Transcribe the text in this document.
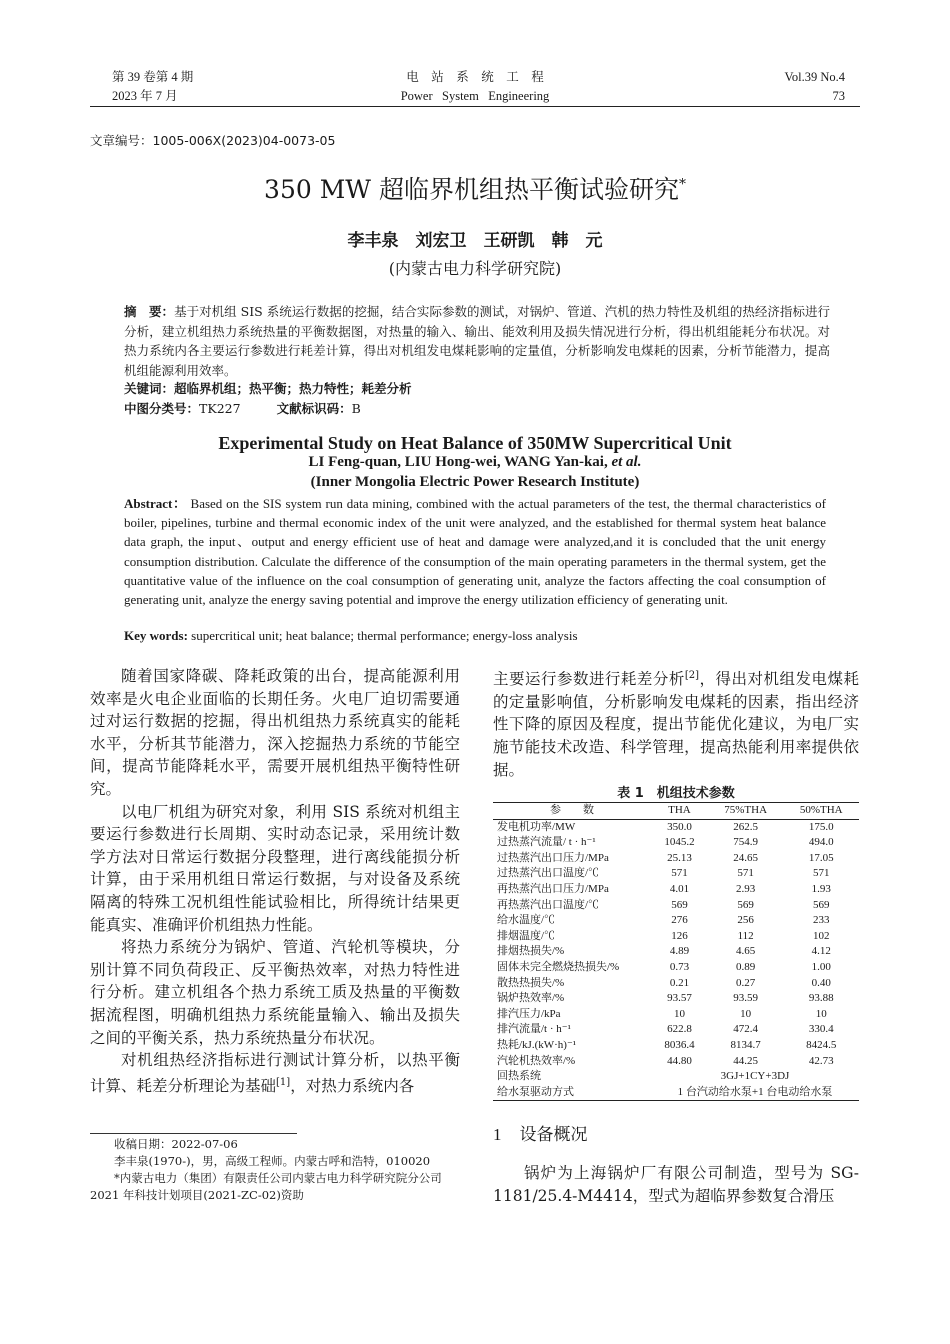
第 39 卷第 4 期
2023 年 7 月
电　站　系　统　工　程
Power   System   Engineering
Vol.39 No.4
73
文章编号：1005-006X(2023)04-0073-05
350 MW 超临界机组热平衡试验研究*
李丰泉　刘宏卫　王研凯　韩　元
(内蒙古电力科学研究院)
摘　要：基于对机组 SIS 系统运行数据的挖掘，结合实际参数的测试，对锅炉、管道、汽机的热力特性及机组的热经济指标进行分析，建立机组热力系统热量的平衡数据图，对热量的输入、输出、能效利用及损失情况进行分析，得出机组能耗分布状况。对热力系统内各主要运行参数进行耗差计算，得出对机组发电煤耗影响的定量值，分析影响发电煤耗的因素，分析节能潜力，提高机组能源利用效率。
关键词：超临界机组；热平衡；热力特性；耗差分析
中图分类号：TK227	文献标识码：B
Experimental Study on Heat Balance of 350MW Supercritical Unit
LI Feng-quan, LIU Hong-wei, WANG Yan-kai, et al.
(Inner Mongolia Electric Power Research Institute)
Abstract： Based on the SIS system run data mining, combined with the actual parameters of the test, the thermal characteristics of boiler, pipelines, turbine and thermal economic index of the unit were analyzed, and the established for thermal system heat balance data graph, the input、output and energy efficient use of heat and damage were analyzed,and it is concluded that the unit energy consumption distribution. Calculate the difference of the consumption of the main operating parameters in the thermal system, get the quantitative value of the influence on the coal consumption of generating unit, analyze the factors affecting the coal consumption of generating unit, analyze the energy saving potential and improve the energy utilization efficiency of generating unit.
Key words: supercritical unit; heat balance; thermal performance; energy-loss analysis

随着国家降碳、降耗政策的出台，提高能源利用效率是火电企业面临的长期任务。火电厂迫切需要通过对运行数据的挖掘，得出机组热力系统真实的能耗水平，分析其节能潜力，深入挖掘热力系统的节能空间，提高节能降耗水平，需要开展机组热平衡特性研究。

以电厂机组为研究对象，利用 SIS 系统对机组主要运行参数进行长周期、实时动态记录，采用统计数学方法对日常运行数据分段整理，进行离线能损分析计算，由于采用机组日常运行数据，与对设备及系统隔离的特殊工况机组性能试验相比，所得统计结果更能真实、准确评价机组热力性能。

将热力系统分为锅炉、管道、汽轮机等模块，分别计算不同负荷段正、反平衡热效率，对热力特性进行分析。建立机组各个热力系统工质及热量的平衡数据流程图，明确机组热力系统能量输入、输出及损失之间的平衡关系，热力系统热量分布状况。

对机组热经济指标进行测试计算分析，以热平衡计算、耗差分析理论为基础[1]，对热力系统内各

收稿日期：2022-07-06
李丰泉(1970-)，男，高级工程师。内蒙古呼和浩特，010020
*内蒙古电力（集团）有限责任公司内蒙古电力科学研究院分公司
2021 年科技计划项目(2021-ZC-02)资助

主要运行参数进行耗差分析[2]，得出对机组发电煤耗的定量影响值，分析影响发电煤耗的因素，指出经济性下降的原因及程度，提出节能优化建议，为电厂实施节能技术改造、科学管理，提高热能利用率提供依据。

表 1　机组技术参数
参　　数	THA	75%THA	50%THA
发电机功率/MW	350.0	262.5	175.0
过热蒸汽流量/ t · h⁻¹	1045.2	754.9	494.0
过热蒸汽出口压力/MPa	25.13	24.65	17.05
过热蒸汽出口温度/℃	571	571	571
再热蒸汽出口压力/MPa	4.01	2.93	1.93
再热蒸汽出口温度/℃	569	569	569
给水温度/℃	276	256	233
排烟温度/℃	126	112	102
排烟热损失/%	4.89	4.65	4.12
固体未完全燃烧热损失/%	0.73	0.89	1.00
散热热损失/%	0.21	0.27	0.40
锅炉热效率/%	93.57	93.59	93.88
排汽压力/kPa	10	10	10
排汽流量/t · h⁻¹	622.8	472.4	330.4
热耗/kJ.(kW·h)⁻¹	8036.4	8134.7	8424.5
汽轮机热效率/%	44.80	44.25	42.73
回热系统	3GJ+1CY+3DJ		
给水泵驱动方式	1 台汽动给水泵+1 台电动给水泵		
1 设备概况

锅炉为上海锅炉厂有限公司制造，型号为 SG-1181/25.4-M4414，型式为超临界参数复合滑压
